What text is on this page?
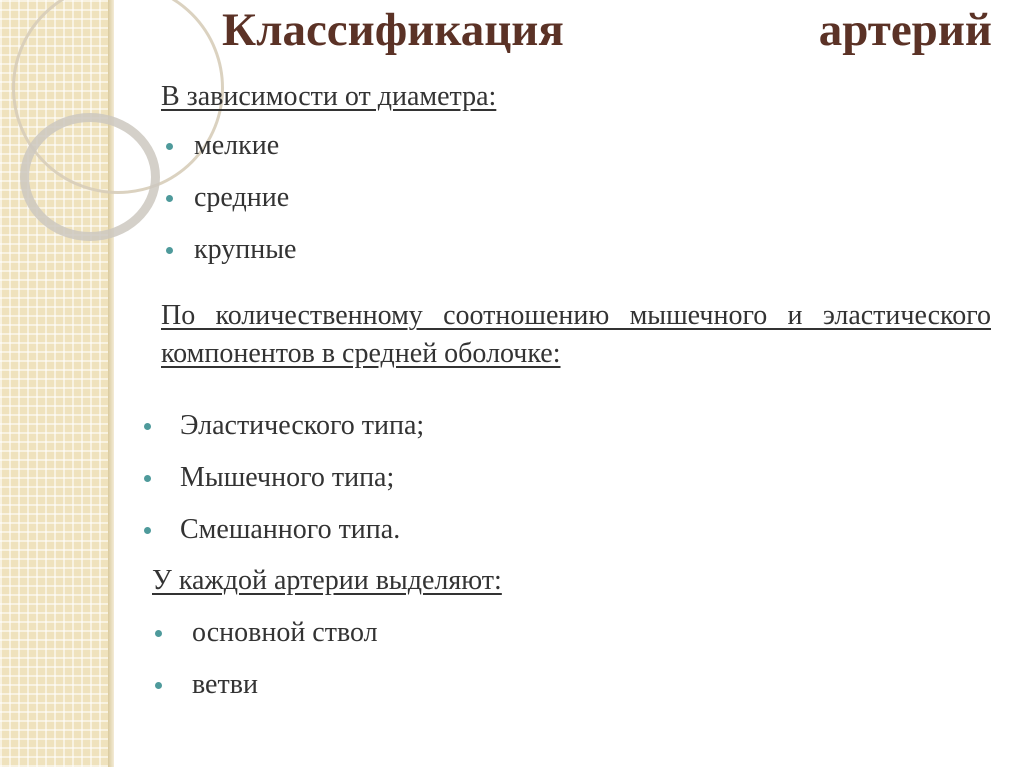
Классификация	артерий

В зависимости от диаметра:

мелкие
средние
крупные

По количественному соотношению мышечного и эластического компонентов в средней оболочке:

Эластического типа;
Мышечного типа;
Смешанного типа.

У каждой артерии выделяют:

основной ствол
ветви
